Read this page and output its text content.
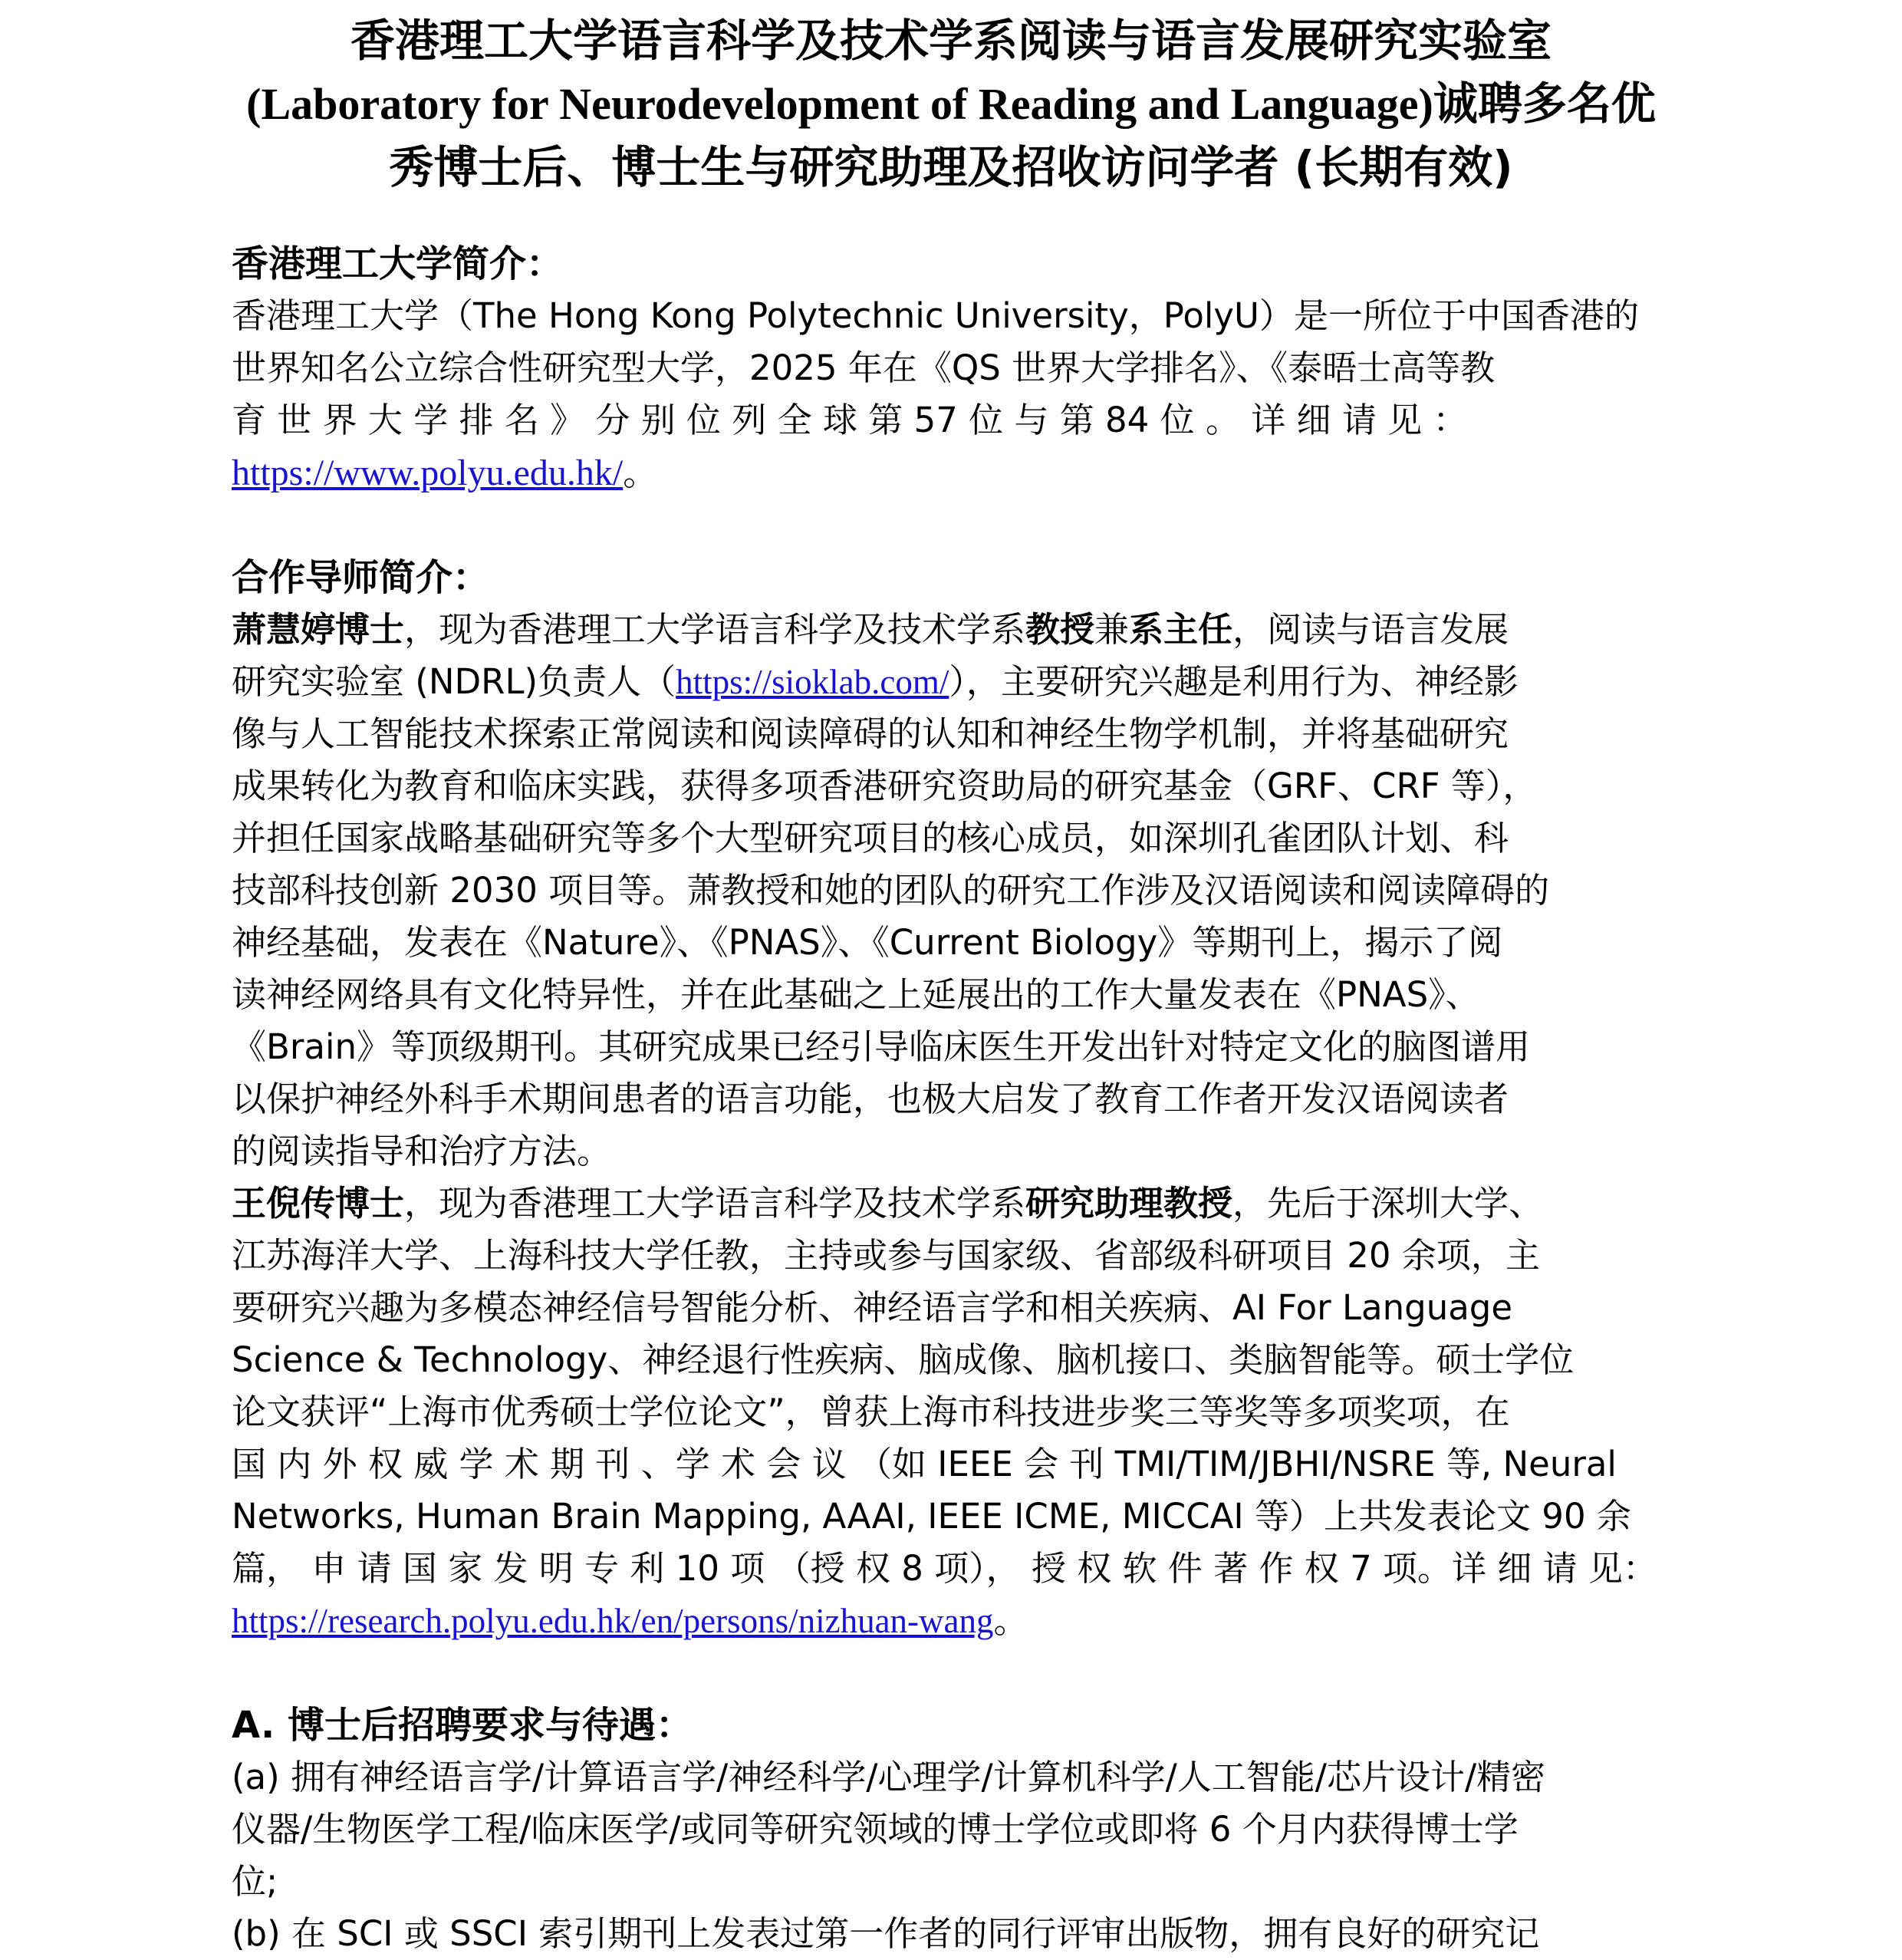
香港理工大学语言科学及技术学系阅读与语言发展研究实验室
(Laboratory for Neurodevelopment of Reading and Language)诚聘多名优
秀博士后、博士生与研究助理及招收访问学者 (长期有效)
香港理工大学简介：
香港理工大学（The Hong Kong Polytechnic University，PolyU）是一所位于中国香港的
世界知名公立综合性研究型大学，2025 年在《QS 世界大学排名》、《泰晤士高等教
育 世 界 大 学 排 名 》 分 别 位 列 全 球 第 57 位 与 第 84 位 。 详 细 请 见 ：
https://www.polyu.edu.hk/。
合作导师简介：
萧慧婷博士，现为香港理工大学语言科学及技术学系教授兼系主任，阅读与语言发展
研究实验室 (NDRL)负责人（https://sioklab.com/），主要研究兴趣是利用行为、神经影
像与人工智能技术探索正常阅读和阅读障碍的认知和神经生物学机制，并将基础研究
成果转化为教育和临床实践，获得多项香港研究资助局的研究基金（GRF、CRF 等），
并担任国家战略基础研究等多个大型研究项目的核心成员，如深圳孔雀团队计划、科
技部科技创新 2030 项目等。萧教授和她的团队的研究工作涉及汉语阅读和阅读障碍的
神经基础，发表在《Nature》、《PNAS》、《Current Biology》等期刊上，揭示了阅
读神经网络具有文化特异性，并在此基础之上延展出的工作大量发表在《PNAS》、
《Brain》等顶级期刊。其研究成果已经引导临床医生开发出针对特定文化的脑图谱用
以保护神经外科手术期间患者的语言功能，也极大启发了教育工作者开发汉语阅读者
的阅读指导和治疗方法。
王倪传博士，现为香港理工大学语言科学及技术学系研究助理教授，先后于深圳大学、
江苏海洋大学、上海科技大学任教，主持或参与国家级、省部级科研项目 20 余项，主
要研究兴趣为多模态神经信号智能分析、神经语言学和相关疾病、AI For Language
Science & Technology、神经退行性疾病、脑成像、脑机接口、类脑智能等。硕士学位
论文获评“上海市优秀硕士学位论文”，曾获上海市科技进步奖三等奖等多项奖项，在
国 内 外 权 威 学 术 期 刊 、学 术 会 议 （如 IEEE 会 刊 TMI/TIM/JBHI/NSRE 等, Neural
Networks, Human Brain Mapping, AAAI, IEEE ICME, MICCAI 等）上共发表论文 90 余
篇， 申 请 国 家 发 明 专 利 10 项 （授 权 8 项）， 授 权 软 件 著 作 权 7 项。详 细 请 见：
https://research.polyu.edu.hk/en/persons/nizhuan-wang。
A. 博士后招聘要求与待遇：
(a) 拥有神经语言学/计算语言学/神经科学/心理学/计算机科学/人工智能/芯片设计/精密
仪器/生物医学工程/临床医学/或同等研究领域的博士学位或即将 6 个月内获得博士学
位;
(b) 在 SCI 或 SSCI 索引期刊上发表过第一作者的同行评审出版物，拥有良好的研究记
